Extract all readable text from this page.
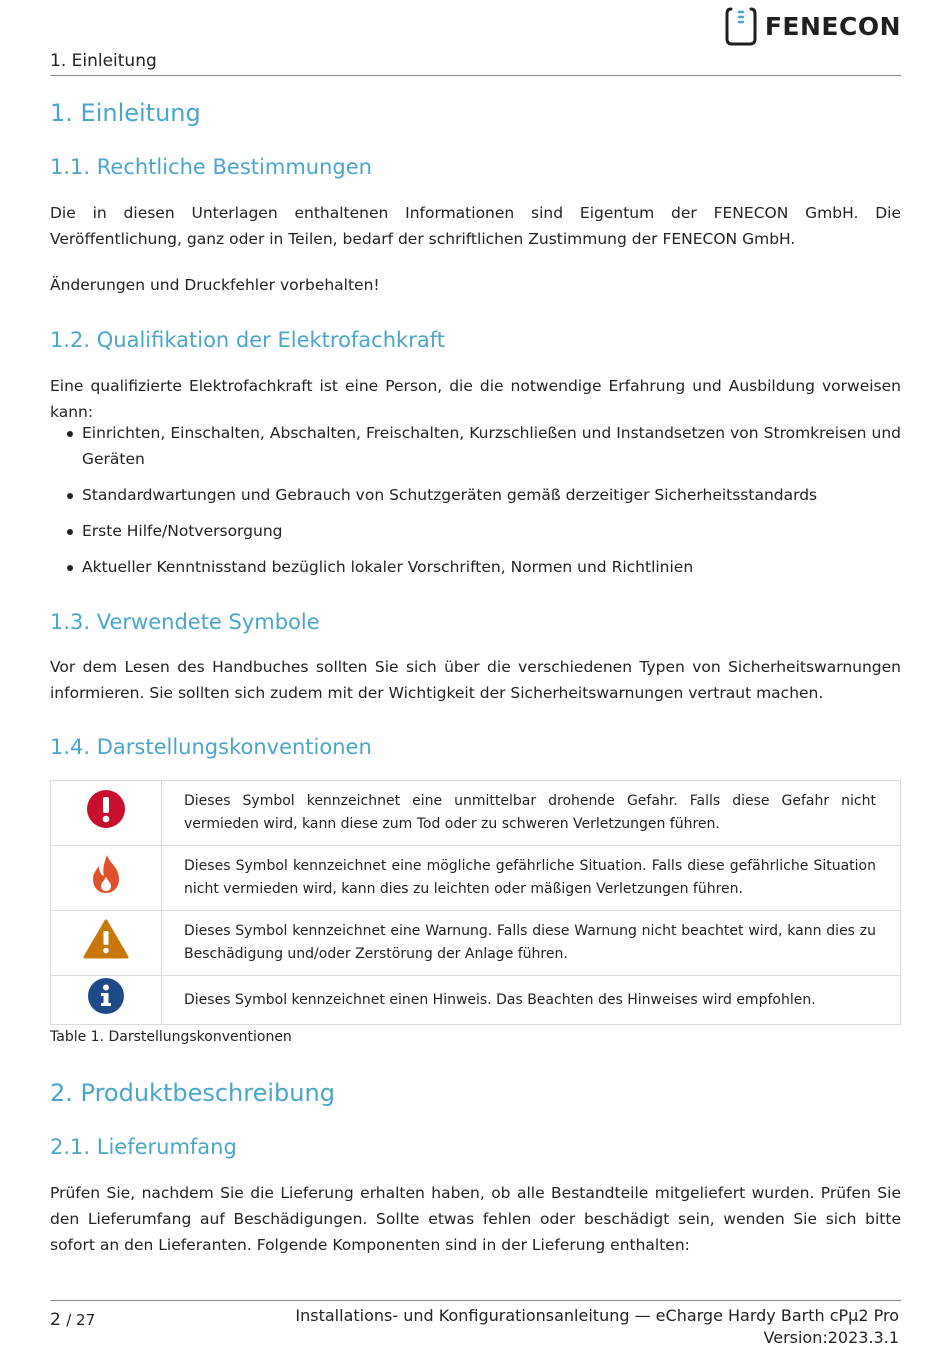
FENECON
1. Einleitung
1. Einleitung
1.1. Rechtliche Bestimmungen

Die in diesen Unterlagen enthaltenen Informationen sind Eigentum der FENECON GmbH. Die Veröffentlichung, ganz oder in Teilen, bedarf der schriftlichen Zustimmung der FENECON GmbH.

Änderungen und Druckfehler vorbehalten!

1.2. Qualifikation der Elektrofachkraft

Eine qualifizierte Elektrofachkraft ist eine Person, die die notwendige Erfahrung und Ausbildung vorweisen kann:

Einrichten, Einschalten, Abschalten, Freischalten, Kurzschließen und Instandsetzen von Stromkreisen und Geräten
Standardwartungen und Gebrauch von Schutzgeräten gemäß derzeitiger Sicherheitsstandards
Erste Hilfe/Notversorgung
Aktueller Kenntnisstand bezüglich lokaler Vorschriften, Normen und Richtlinien
1.3. Verwendete Symbole

Vor dem Lesen des Handbuches sollten Sie sich über die verschiedenen Typen von Sicherheitswarnungen informieren. Sie sollten sich zudem mit der Wichtigkeit der Sicherheitswarnungen vertraut machen.

1.4. Darstellungskonventionen
	Dieses Symbol kennzeichnet eine unmittelbar drohende Gefahr. Falls diese Gefahr nicht vermieden wird, kann diese zum Tod oder zu schweren Verletzungen führen.
	Dieses Symbol kennzeichnet eine mögliche gefährliche Situation. Falls diese gefährliche Situation nicht vermieden wird, kann dies zu leichten oder mäßigen Verletzungen führen.
	Dieses Symbol kennzeichnet eine Warnung. Falls diese Warnung nicht beachtet wird, kann dies zu Beschädigung und/oder Zerstörung der Anlage führen.
	Dieses Symbol kennzeichnet einen Hinweis. Das Beachten des Hinweises wird empfohlen.
Table 1. Darstellungskonventionen
2. Produktbeschreibung
2.1. Lieferumfang

Prüfen Sie, nachdem Sie die Lieferung erhalten haben, ob alle Bestandteile mitgeliefert wurden. Prüfen Sie den Lieferumfang auf Beschädigungen. Sollte etwas fehlen oder beschädigt sein, wenden Sie sich bitte sofort an den Lieferanten. Folgende Komponenten sind in der Lieferung enthalten:

2 / 27	Installations- und Konfigurationsanleitung — eCharge Hardy Barth cPμ2 Pro
Version:2023.3.1
